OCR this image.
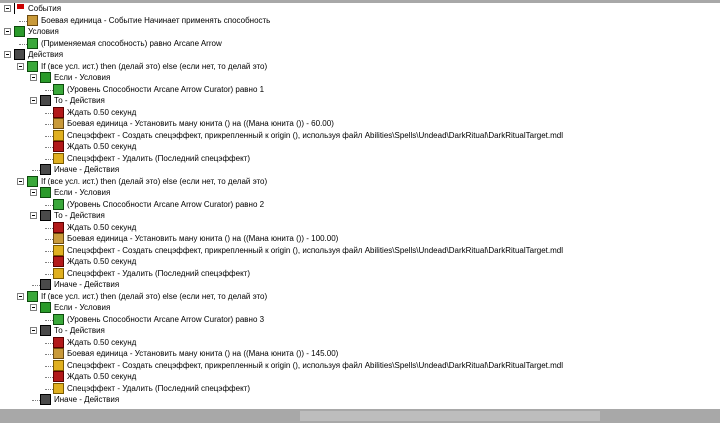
События
Боевая единица - Событие Начинает применять способность
Условия
(Применяемая способность) равно Arcane Arrow
Действия
If (все усл. ист.) then (делай это) else (если нет, то делай это)
Если - Условия
(Уровень Способности Arcane Arrow Curator) равно 1
То - Действия
Ждать 0.50 секунд
Боевая единица - Установить ману юнита () на ((Мана юнита ()) - 60.00)
Спецэффект - Создать спецэффект, прикрепленный к origin (), используя файл Abilities\Spells\Undead\DarkRitual\DarkRitualTarget.mdl
Ждать 0.50 секунд
Спецэффект - Удалить (Последний спецэффект)
Иначе - Действия
If (все усл. ист.) then (делай это) else (если нет, то делай это)
Если - Условия
(Уровень Способности Arcane Arrow Curator) равно 2
То - Действия
Ждать 0.50 секунд
Боевая единица - Установить ману юнита () на ((Мана юнита ()) - 100.00)
Спецэффект - Создать спецэффект, прикрепленный к origin (), используя файл Abilities\Spells\Undead\DarkRitual\DarkRitualTarget.mdl
Ждать 0.50 секунд
Спецэффект - Удалить (Последний спецэффект)
Иначе - Действия
If (все усл. ист.) then (делай это) else (если нет, то делай это)
Если - Условия
(Уровень Способности Arcane Arrow Curator) равно 3
То - Действия
Ждать 0.50 секунд
Боевая единица - Установить ману юнита () на ((Мана юнита ()) - 145.00)
Спецэффект - Создать спецэффект, прикрепленный к origin (), используя файл Abilities\Spells\Undead\DarkRitual\DarkRitualTarget.mdl
Ждать 0.50 секунд
Спецэффект - Удалить (Последний спецэффект)
Иначе - Действия
